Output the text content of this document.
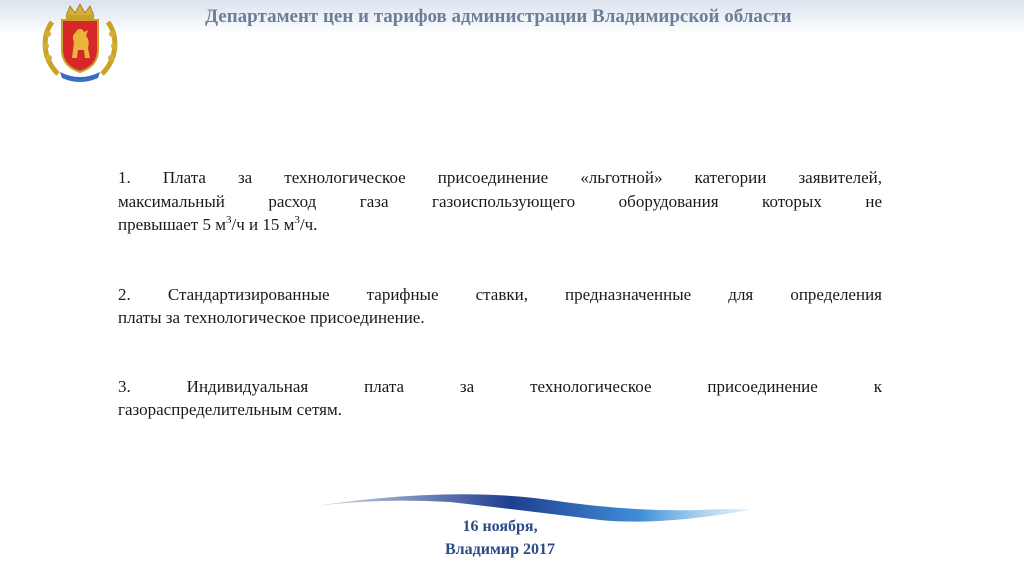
Департамент цен и тарифов администрации Владимирской области
1. Плата за технологическое присоединение «льготной» категории заявителей,
максимальный расход газа газоиспользующего оборудования которых не
превышает 5 $м^3/ч$ и 15 $м^3/ч$.
2. Стандартизированные тарифные ставки, предназначенные для определения
платы за технологическое присоединение.
3. Индивидуальная плата за технологическое присоединение к
газораспределительным сетям.
16 ноября,
Владимир 2017
